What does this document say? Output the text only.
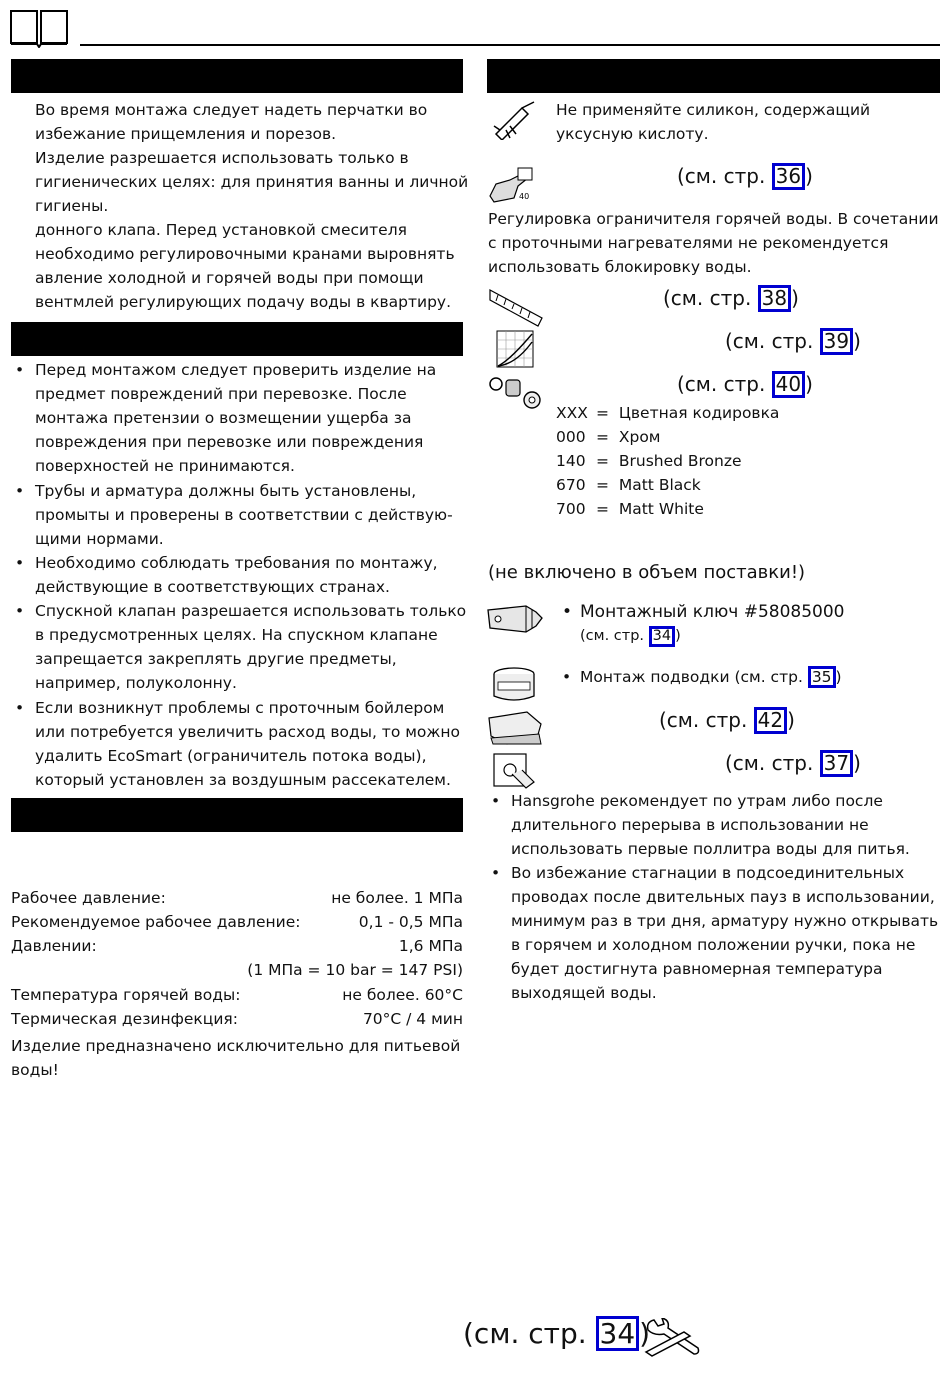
Во время монтажа следует надеть перчатки во
избежание прищемления и порезов.
Изделие разрешается использовать только в
гигиенических целях: для принятия ванны и личной
гигиены.
донного клапа. Перед установкой смесителя
необходимо регулировочными кранами выровнять
авление холодной и горячей воды при помощи
вентмлей регулирующих подачу воды в квартиру.
• Перед монтажом следует проверить изделие на
предмет повреждений при перевозке. После
монтажа претензии о возмещении ущерба за
повреждения при перевозке или повреждения
поверхностей не принимаются.
• Трубы и арматура должны быть установлены,
промыты и проверены в соответствии с действую-
щими нормами.
• Необходимо соблюдать требования по монтажу,
действующие в соответствующих странах.
• Спускной клапан разрешается использовать только
в предусмотренных целях. На спускном клапане
запрещается закреплять другие предметы,
например, полуколонну.
• Если возникнут проблемы с проточным бойлером
или потребуется увеличить расход воды, то можно
удалить EcoSmart (ограничитель потока воды),
который установлен за воздушным рассекателем.
Рабочее давление:	не более. 1 МПа
Рекомендуемое рабочее давление:	0,1 - 0,5 МПа
Давлении:	1,6 МПа
(1 МПа = 10 bar = 147 PSI)
Температура горячей воды:	не более. 60°C
Термическая дезинфекция:	70°C / 4 мин
Изделие предназначено исключительно для питьевой
воды!
Не применяйте силикон, содержащий
уксусную кислоту.
40
(см. стр. 36 )
Регулировка ограничителя горячей воды. В сочетании
с проточными нагревателями не рекомендуется
использовать блокировку воды.
(см. стр. 38 )
(см. стр. 39 )
(см. стр. 40 )
XXX = Цветная кодировка
000 = Хром
140 = Brushed Bronze
670 = Matt Black
700 = Matt White
(не включено в объем поставки!)
• Монтажный ключ #58085000
(см. стр. 34 )
• Монтаж подводки (см. стр. 35 )
(см. стр. 42 )
(см. стр. 37 )
• Hansgrohe рекомендует по утрам либо после
длительного перерыва в использовании не
использовать первые поллитра воды для питья.
• Во избежание стагнации в подсоединительных
проводах после двительных пауз в использовании,
минимум раз в три дня, арматуру нужно открывать
в горячем и холодном положении ручки, пока не
будет достигнута равномерная температура
выходящей воды.
(см. стр. 34 )
